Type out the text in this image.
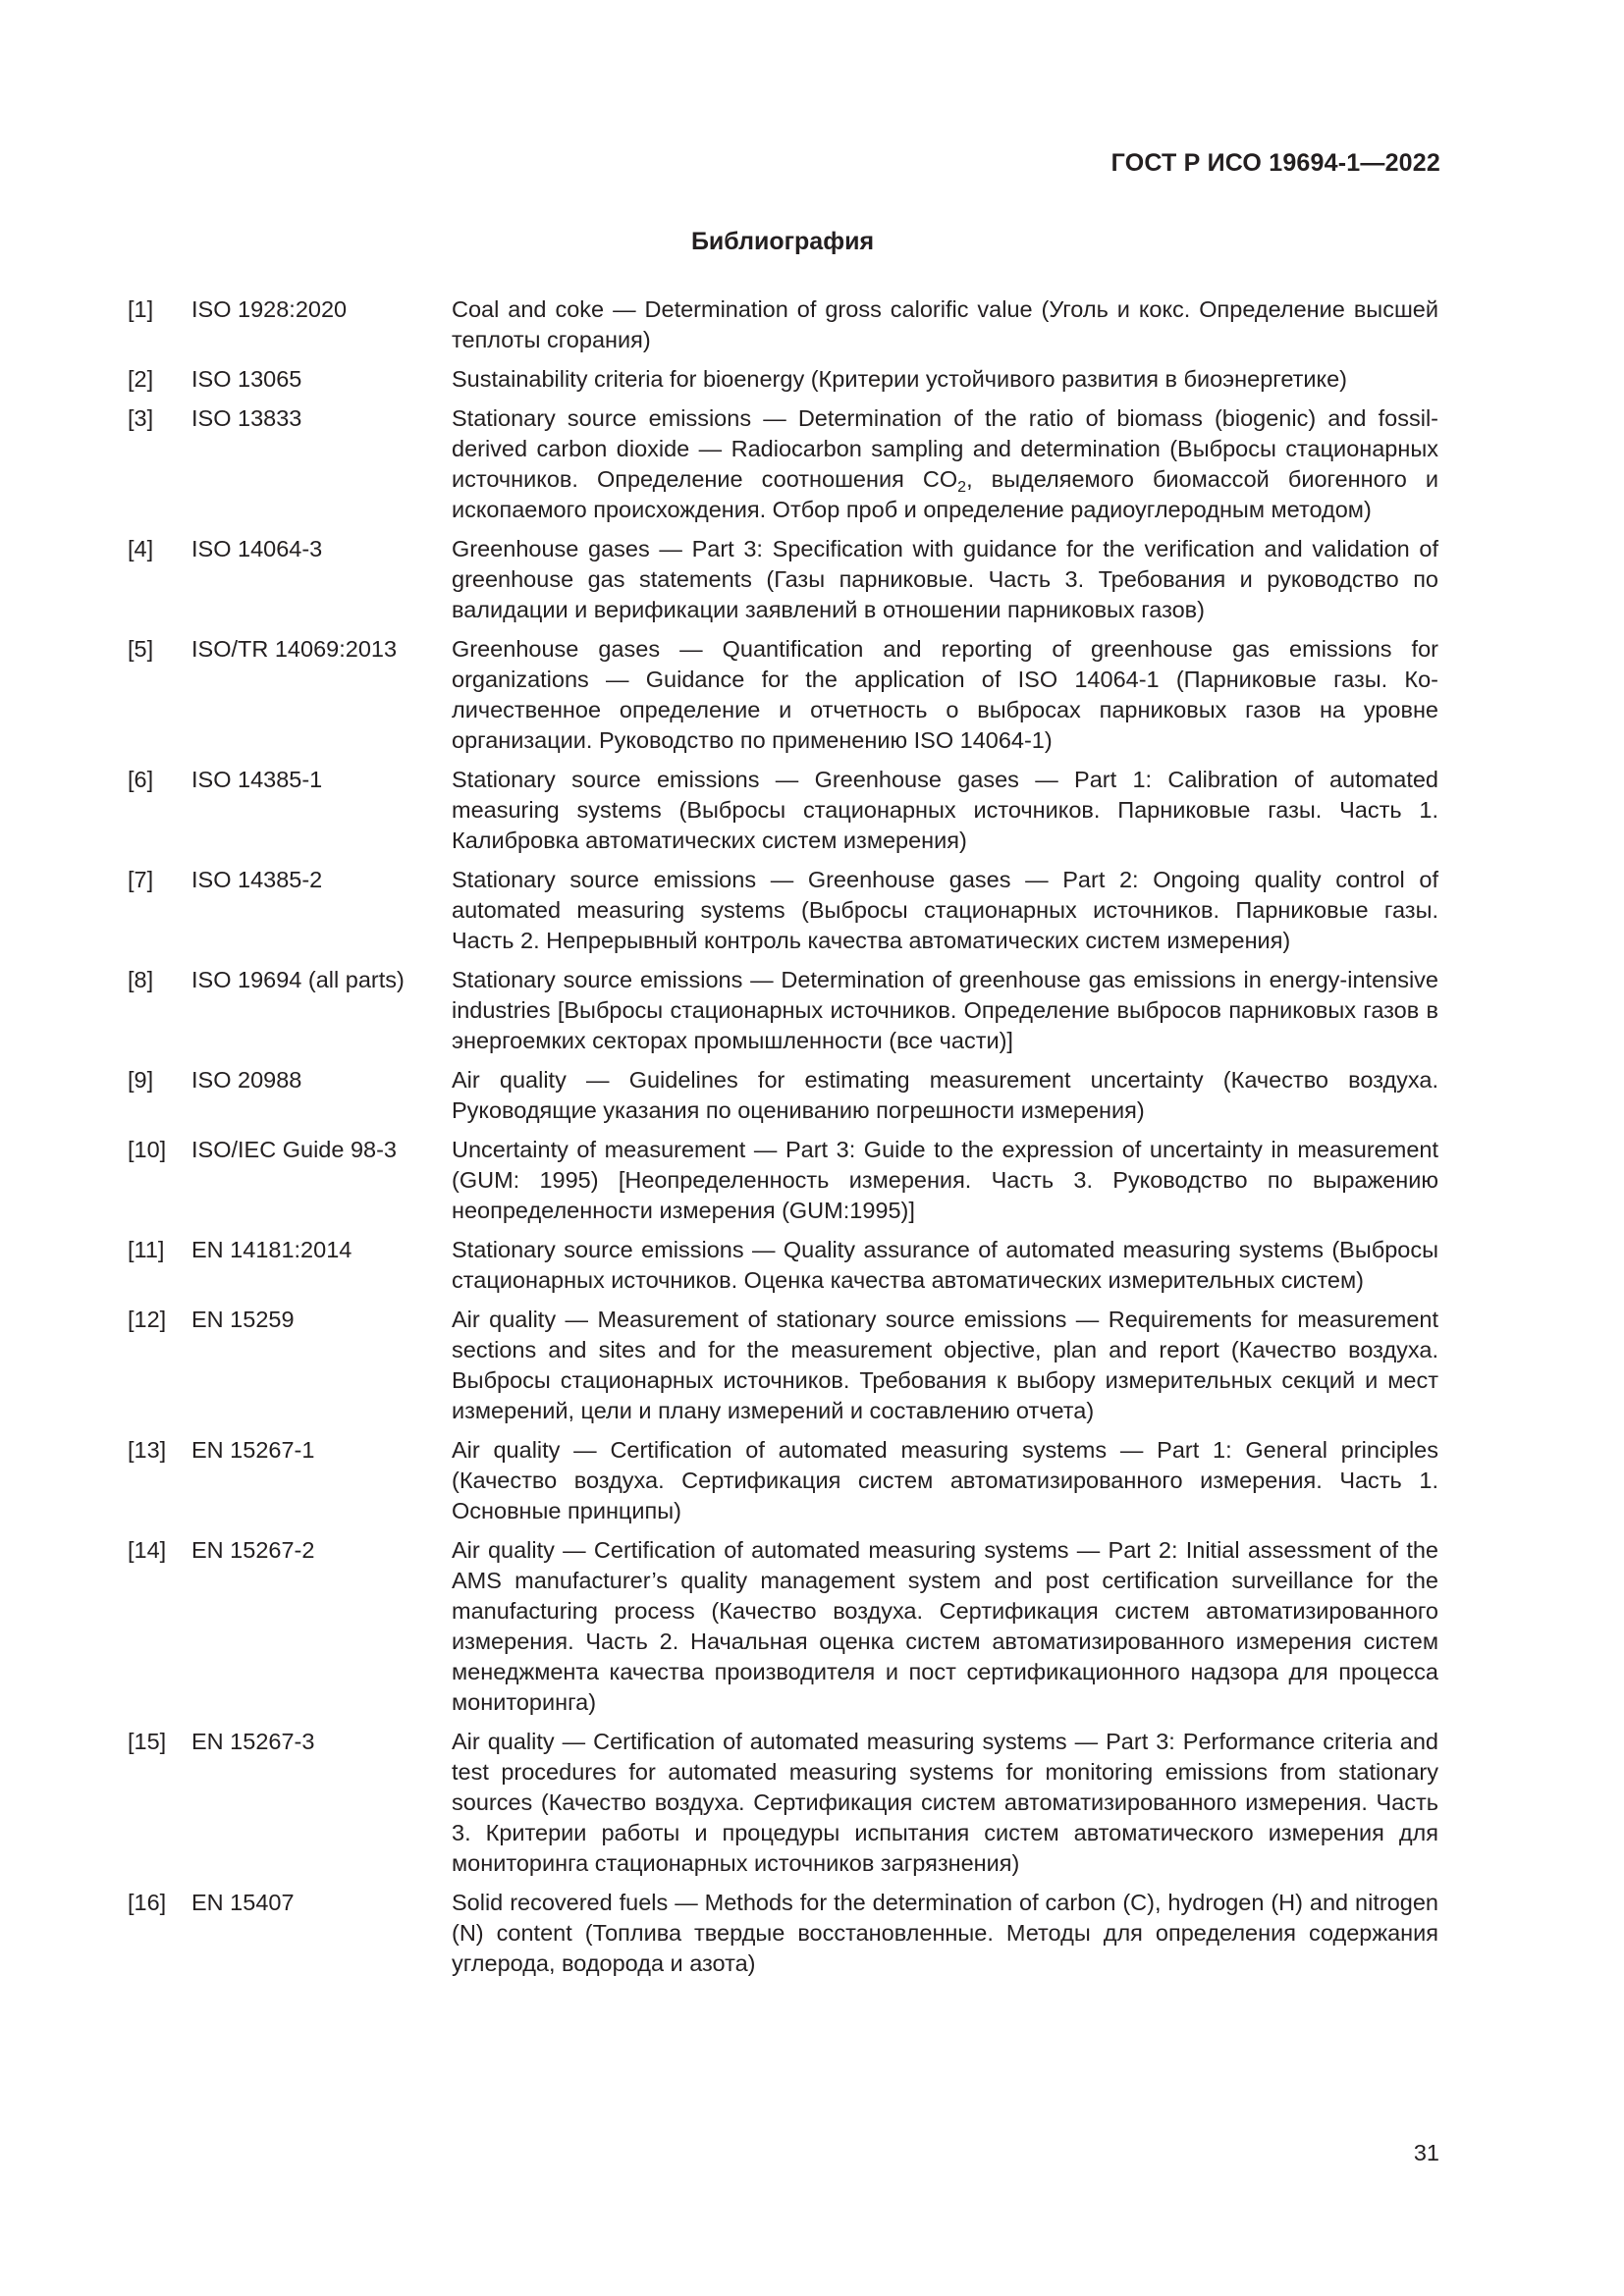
ГОСТ Р ИСО 19694-1—2022
Библиография
[1]	ISO 1928:2020	Coal and coke — Determination of gross calorific value (Уголь и кокс. Определение высшей теплоты сгорания)
[2]	ISO 13065	Sustainability criteria for bioenergy (Критерии устойчивого развития в биоэнергетике)
[3]	ISO 13833	Stationary source emissions — Determination of the ratio of biomass (biogenic) and fossil-derived carbon dioxide — Radiocarbon sampling and determination (Выбросы стационарных источников. Определение соотношения $CO_2$, выделяемого биомассой биогенного и ископаемого происхождения. Отбор проб и определение радиоуглеродным методом)
[4]	ISO 14064-3	Greenhouse gases — Part 3: Specification with guidance for the verification and validation of greenhouse gas statements (Газы парниковые. Часть 3. Требования и руководство по валидации и верификации заявлений в отношении парниковых газов)
[5]	ISO/TR 14069:2013	Greenhouse gases — Quantification and reporting of greenhouse gas emissions for organizations — Guidance for the application of ISO 14064-1 (Парниковые газы. Количественное определение и отчетность о выбросах парниковых газов на уровне организации. Руководство по применению ISO 14064-1)
[6]	ISO 14385-1	Stationary source emissions — Greenhouse gases — Part 1: Calibration of automated measuring systems (Выбросы стационарных источников. Парниковые газы. Часть 1. Калибровка автоматических систем измерения)
[7]	ISO 14385-2	Stationary source emissions — Greenhouse gases — Part 2: Ongoing quality control of automated measuring systems (Выбросы стационарных источников. Парниковые газы. Часть 2. Непрерывный контроль качества автоматических систем измерения)
[8]	ISO 19694 (all parts)	Stationary source emissions — Determination of greenhouse gas emissions in energy-intensive industries [Выбросы стационарных источников. Определение выбросов парниковых газов в энергоемких секторах промышленности (все части)]
[9]	ISO 20988	Air quality — Guidelines for estimating measurement uncertainty (Качество воздуха. Руководящие указания по оцениванию погрешности измерения)
[10]	ISO/IEC Guide 98-3	Uncertainty of measurement — Part 3: Guide to the expression of uncertainty in measurement (GUM: 1995) [Неопределенность измерения. Часть 3. Руководство по выражению неопределенности измерения (GUM:1995)]
[11]	EN 14181:2014	Stationary source emissions — Quality assurance of automated measuring systems (Выбросы стационарных источников. Оценка качества автоматических измерительных систем)
[12]	EN 15259	Air quality — Measurement of stationary source emissions — Requirements for measurement sections and sites and for the measurement objective, plan and report (Качество воздуха. Выбросы стационарных источников. Требования к выбору измерительных секций и мест измерений, цели и плану измерений и составлению отчета)
[13]	EN 15267-1	Air quality — Certification of automated measuring systems — Part 1: General principles (Качество воздуха. Сертификация систем автоматизированного измерения. Часть 1. Основные принципы)
[14]	EN 15267-2	Air quality — Certification of automated measuring systems — Part 2: Initial assessment of the AMS manufacturer’s quality management system and post certification surveillance for the manufacturing process (Качество воздуха. Сертификация систем автоматизированного измерения. Часть 2. Начальная оценка систем автоматизированного измерения систем менеджмента качества производителя и пост сертификационного надзора для процесса мониторинга)
[15]	EN 15267-3	Air quality — Certification of automated measuring systems — Part 3: Performance criteria and test procedures for automated measuring systems for monitoring emissions from stationary sources (Качество воздуха. Сертификация систем автоматизированного измерения. Часть 3. Критерии работы и процедуры испытания систем автоматического измерения для мониторинга стационарных источников загрязнения)
[16]	EN 15407	Solid recovered fuels — Methods for the determination of carbon (C), hydrogen (H) and nitrogen (N) content (Топлива твердые восстановленные. Методы для определения содержания углерода, водорода и азота)
31
